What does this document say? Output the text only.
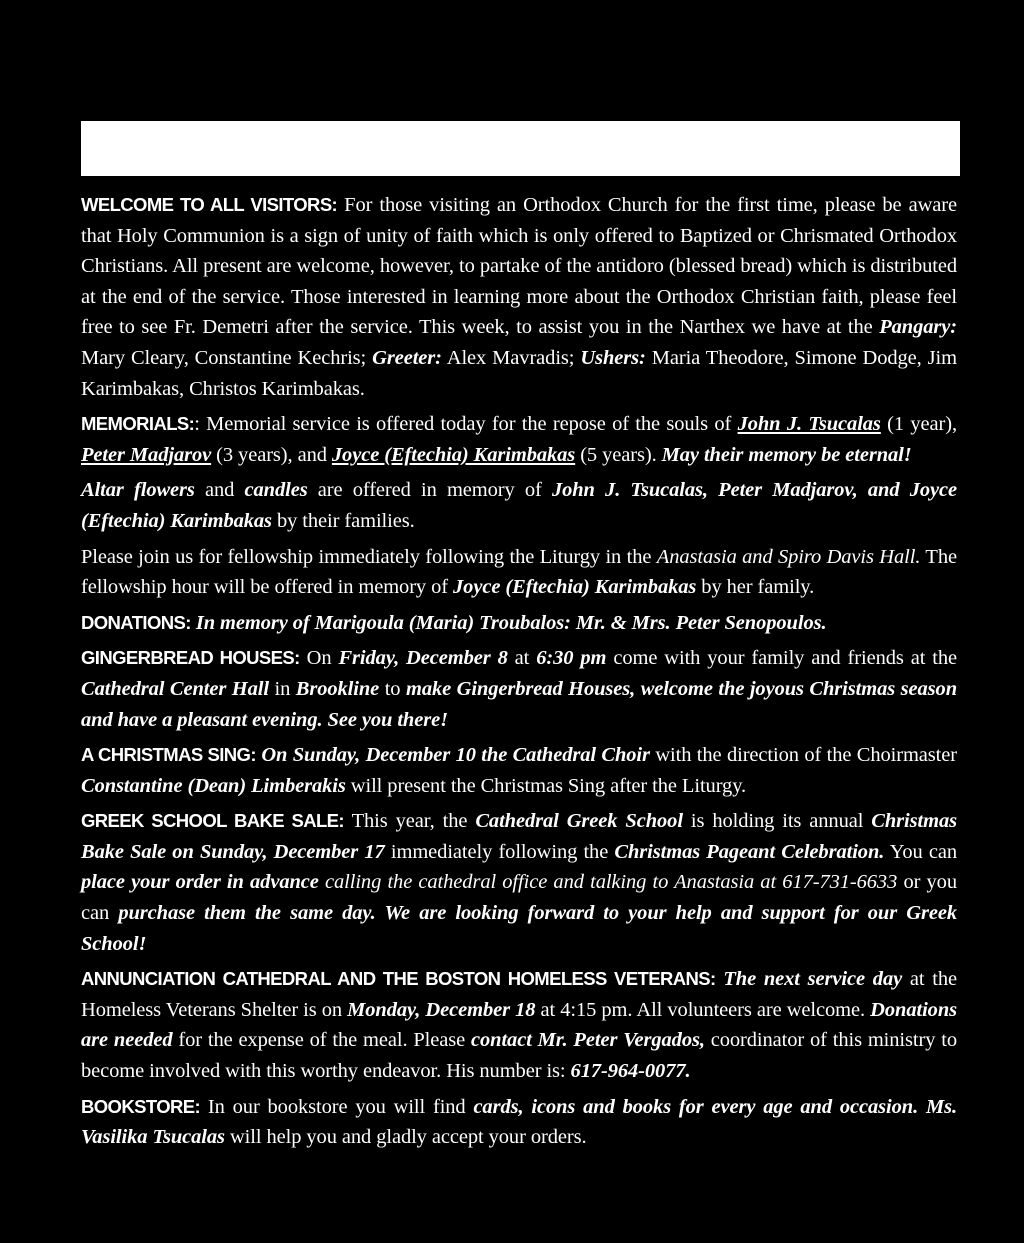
WELCOME TO ALL VISITORS: For those visiting an Orthodox Church for the first time, please be aware that Holy Communion is a sign of unity of faith which is only offered to Baptized or Chrismated Orthodox Christians. All present are welcome, however, to partake of the antidoro (blessed bread) which is distributed at the end of the service. Those interested in learning more about the Orthodox Christian faith, please feel free to see Fr. Demetri after the service. This week, to assist you in the Narthex we have at the Pangary: Mary Cleary, Constantine Kechris; Greeter: Alex Mavradis; Ushers: Maria Theodore, Simone Dodge, Jim Karimbakas, Christos Karimbakas.

MEMORIALS:: Memorial service is offered today for the repose of the souls of John J. Tsucalas (1 year), Peter Madjarov (3 years), and Joyce (Eftechia) Karimbakas (5 years). May their memory be eternal!

Altar flowers and candles are offered in memory of John J. Tsucalas, Peter Madjarov, and Joyce (Eftechia) Karimbakas by their families.

Please join us for fellowship immediately following the Liturgy in the Anastasia and Spiro Davis Hall. The fellowship hour will be offered in memory of Joyce (Eftechia) Karimbakas by her family.

DONATIONS: In memory of Marigoula (Maria) Troubalos: Mr. & Mrs. Peter Senopoulos.

GINGERBREAD HOUSES: On Friday, December 8 at 6:30 pm come with your family and friends at the Cathedral Center Hall in Brookline to make Gingerbread Houses, welcome the joyous Christmas season and have a pleasant evening. See you there!

A CHRISTMAS SING: On Sunday, December 10 the Cathedral Choir with the direction of the Choirmaster Constantine (Dean) Limberakis will present the Christmas Sing after the Liturgy.

GREEK SCHOOL BAKE SALE: This year, the Cathedral Greek School is holding its annual Christmas Bake Sale on Sunday, December 17 immediately following the Christmas Pageant Celebration. You can place your order in advance calling the cathedral office and talking to Anastasia at 617-731-6633 or you can purchase them the same day. We are looking forward to your help and support for our Greek School!

ANNUNCIATION CATHEDRAL AND THE BOSTON HOMELESS VETERANS: The next service day at the Homeless Veterans Shelter is on Monday, December 18 at 4:15 pm. All volunteers are welcome. Donations are needed for the expense of the meal. Please contact Mr. Peter Vergados, coordinator of this ministry to become involved with this worthy endeavor. His number is: 617-964-0077.

BOOKSTORE: In our bookstore you will find cards, icons and books for every age and occasion. Ms. Vasilika Tsucalas will help you and gladly accept your orders.
